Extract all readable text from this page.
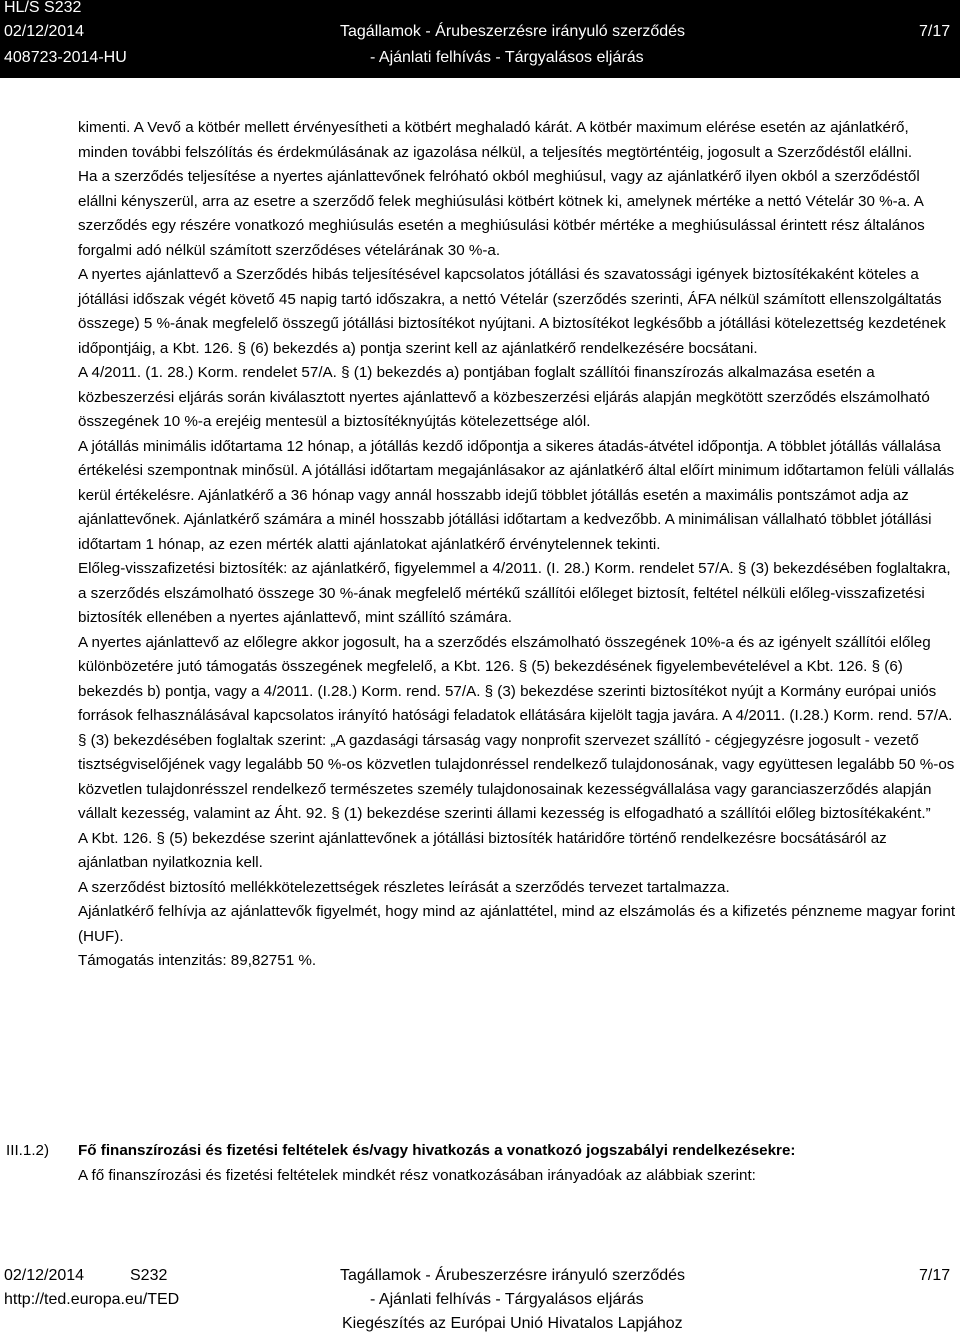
HL/S S232
02/12/2014
408723-2014-HU
Tagállamok - Árubeszerzésre irányuló szerződés
- Ajánlati felhívás - Tárgyalásos eljárás
7/17

kimenti. A Vevő a kötbér mellett érvényesítheti a kötbért meghaladó kárát. A kötbér maximum elérése esetén az ajánlatkérő, minden további felszólítás és érdekmúlásának az igazolása nélkül, a teljesítés megtörténtéig, jogosult a Szerződéstől elállni.

Ha a szerződés teljesítése a nyertes ajánlattevőnek felróható okból meghiúsul, vagy az ajánlatkérő ilyen okból a szerződéstől elállni kényszerül, arra az esetre a szerződő felek meghiúsulási kötbért kötnek ki, amelynek mértéke a nettó Vételár 30 %-a. A szerződés egy részére vonatkozó meghiúsulás esetén a meghiúsulási kötbér mértéke a meghiúsulással érintett rész általános forgalmi adó nélkül számított szerződéses vételárának 30 %-a.

A nyertes ajánlattevő a Szerződés hibás teljesítésével kapcsolatos jótállási és szavatossági igények biztosítékaként köteles a jótállási időszak végét követő 45 napig tartó időszakra, a nettó Vételár (szerződés szerinti, ÁFA nélkül számított ellenszolgáltatás összege) 5 %-ának megfelelő összegű jótállási biztosítékot nyújtani. A biztosítékot legkésőbb a jótállási kötelezettség kezdetének időpontjáig, a Kbt. 126. § (6) bekezdés a) pontja szerint kell az ajánlatkérő rendelkezésére bocsátani.

A 4/2011. (1. 28.) Korm. rendelet 57/A. § (1) bekezdés a) pontjában foglalt szállítói finanszírozás alkalmazása esetén a közbeszerzési eljárás során kiválasztott nyertes ajánlattevő a közbeszerzési eljárás alapján megkötött szerződés elszámolható összegének 10 %-a erejéig mentesül a biztosítéknyújtás kötelezettsége alól.

A jótállás minimális időtartama 12 hónap, a jótállás kezdő időpontja a sikeres átadás-átvétel időpontja. A többlet jótállás vállalása értékelési szempontnak minősül. A jótállási időtartam megajánlásakor az ajánlatkérő által előírt minimum időtartamon felüli vállalás kerül értékelésre. Ajánlatkérő a 36 hónap vagy annál hosszabb idejű többlet jótállás esetén a maximális pontszámot adja az ajánlattevőnek. Ajánlatkérő számára a minél hosszabb jótállási időtartam a kedvezőbb. A minimálisan vállalható többlet jótállási időtartam 1 hónap, az ezen mérték alatti ajánlatokat ajánlatkérő érvénytelennek tekinti.

Előleg-visszafizetési biztosíték: az ajánlatkérő, figyelemmel a 4/2011. (I. 28.) Korm. rendelet 57/A. § (3) bekezdésében foglaltakra, a szerződés elszámolható összege 30 %-ának megfelelő mértékű szállítói előleget biztosít, feltétel nélküli előleg-visszafizetési biztosíték ellenében a nyertes ajánlattevő, mint szállító számára.

A nyertes ajánlattevő az előlegre akkor jogosult, ha a szerződés elszámolható összegének 10%-a és az igényelt szállítói előleg különbözetére jutó támogatás összegének megfelelő, a Kbt. 126. § (5) bekezdésének figyelembevételével a Kbt. 126. § (6) bekezdés b) pontja, vagy a 4/2011. (I.28.) Korm. rend. 57/A. § (3) bekezdése szerinti biztosítékot nyújt a Kormány európai uniós források felhasználásával kapcsolatos irányító hatósági feladatok ellátására kijelölt tagja javára. A 4/2011. (I.28.) Korm. rend. 57/A. § (3) bekezdésében foglaltak szerint: „A gazdasági társaság vagy nonprofit szervezet szállító - cégjegyzésre jogosult - vezető tisztségviselőjének vagy legalább 50 %-os közvetlen tulajdonréssel rendelkező tulajdonosának, vagy együttesen legalább 50 %-os közvetlen tulajdonrésszel rendelkező természetes személy tulajdonosainak kezességvállalása vagy garanciaszerződés alapján vállalt kezesség, valamint az Áht. 92. § (1) bekezdése szerinti állami kezesség is elfogadható a szállítói előleg biztosítékaként.”

A Kbt. 126. § (5) bekezdése szerint ajánlattevőnek a jótállási biztosíték határidőre történő rendelkezésre bocsátásáról az ajánlatban nyilatkoznia kell.

A szerződést biztosító mellékkötelezettségek részletes leírását a szerződés tervezet tartalmazza.

Ajánlatkérő felhívja az ajánlattevők figyelmét, hogy mind az ajánlattétel, mind az elszámolás és a kifizetés pénzneme magyar forint (HUF).

Támogatás intenzitás: 89,82751 %.

III.1.2) Fő finanszírozási és fizetési feltételek és/vagy hivatkozás a vonatkozó jogszabályi rendelkezésekre:
A fő finanszírozási és fizetési feltételek mindkét rész vonatkozásában irányadóak az alábbiak szerint:
02/12/2014	S232
http://ted.europa.eu/TED
Tagállamok - Árubeszerzésre irányuló szerződés
- Ajánlati felhívás - Tárgyalásos eljárás
Kiegészítés az Európai Unió Hivatalos Lapjához
7/17
